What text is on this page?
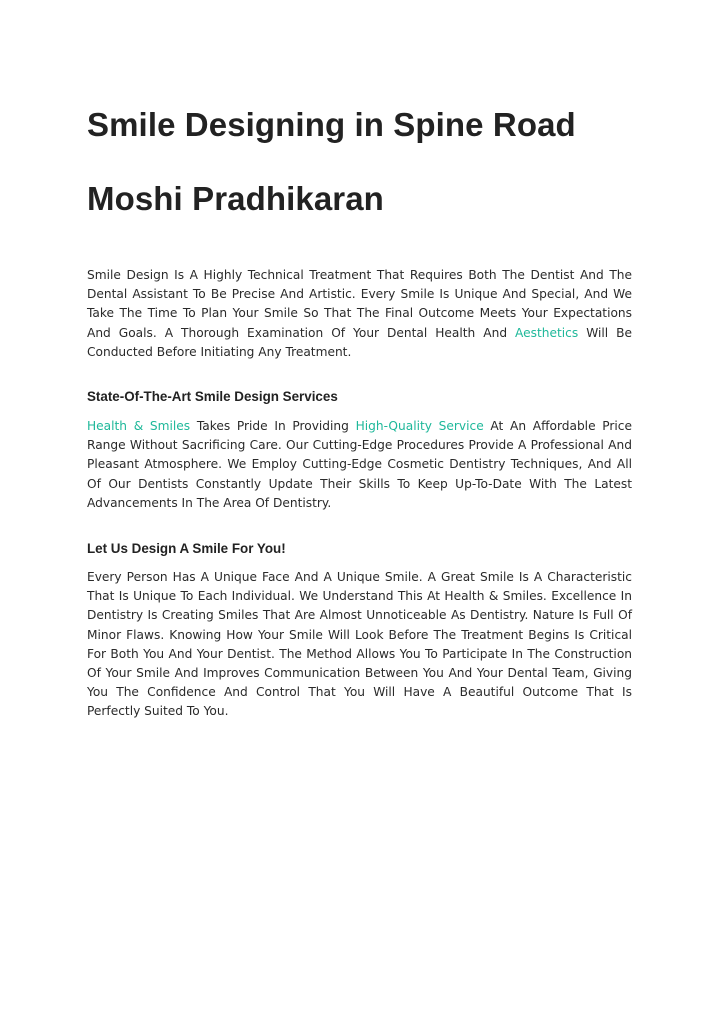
Smile Designing in Spine Road
Moshi Pradhikaran

Smile Design Is A Highly Technical Treatment That Requires Both The Dentist And The Dental Assistant To Be Precise And Artistic. Every Smile Is Unique And Special, And We Take The Time To Plan Your Smile So That The Final Outcome Meets Your Expectations And Goals. A Thorough Examination Of Your Dental Health And Aesthetics Will Be Conducted Before Initiating Any Treatment.

State-Of-The-Art Smile Design Services

Health & Smiles Takes Pride In Providing High-Quality Service At An Affordable Price Range Without Sacrificing Care. Our Cutting-Edge Procedures Provide A Professional And Pleasant Atmosphere. We Employ Cutting-Edge Cosmetic Dentistry Techniques, And All Of Our Dentists Constantly Update Their Skills To Keep Up-To-Date With The Latest Advancements In The Area Of Dentistry.

Let Us Design A Smile For You!

Every Person Has A Unique Face And A Unique Smile. A Great Smile Is A Characteristic That Is Unique To Each Individual. We Understand This At Health & Smiles. Excellence In Dentistry Is Creating Smiles That Are Almost Unnoticeable As Dentistry. Nature Is Full Of Minor Flaws. Knowing How Your Smile Will Look Before The Treatment Begins Is Critical For Both You And Your Dentist. The Method Allows You To Participate In The Construction Of Your Smile And Improves Communication Between You And Your Dental Team, Giving You The Confidence And Control That You Will Have A Beautiful Outcome That Is Perfectly Suited To You.
